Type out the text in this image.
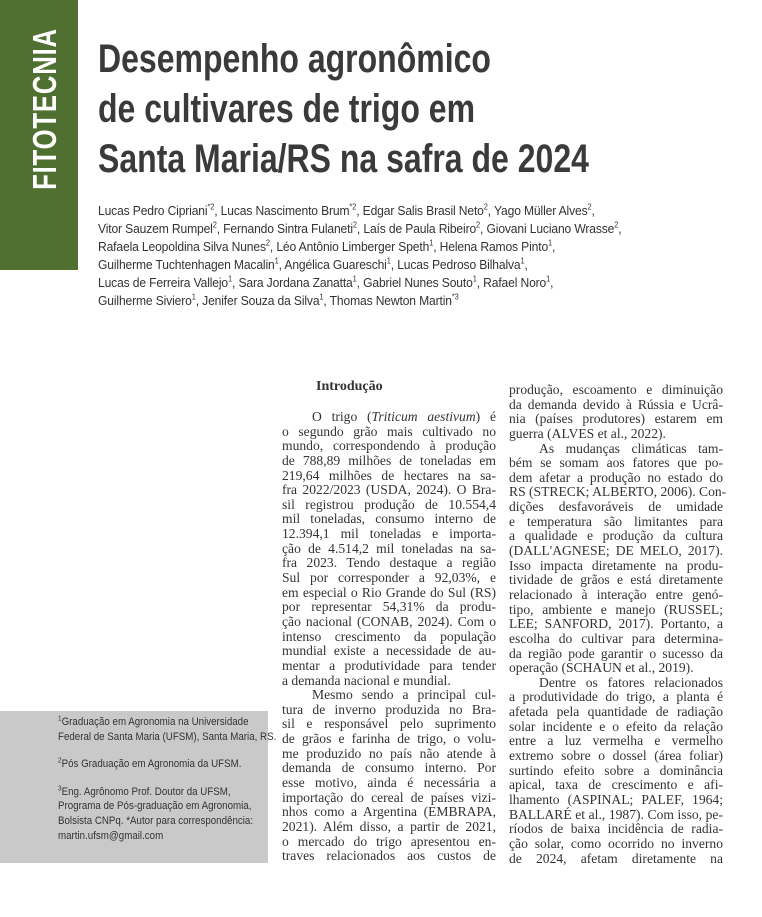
FITOTECNIA Desempenho agronômico
de cultivares de trigo em
Santa Maria/RS na safra de 2024
Lucas Pedro Cipriani$^{*2}$, Lucas Nascimento Brum$^{*2}$, Edgar Salis Brasil Neto$^2$, Yago Müller Alves$^2$,
Vitor Sauzem Rumpel$^2$, Fernando Sintra Fulaneti$^2$, Laís de Paula Ribeiro$^2$, Giovani Luciano Wrasse$^2$,
Rafaela Leopoldina Silva Nunes$^2$, Léo Antônio Limberger Speth$^1$, Helena Ramos Pinto$^1$,
Guilherme Tuchtenhagen Macalin$^1$, Angélica Guareschi$^1$, Lucas Pedroso Bilhalva$^1$,
Lucas de Ferreira Vallejo$^1$, Sara Jordana Zanatta$^1$, Gabriel Nunes Souto$^1$, Rafael Noro$^1$,
Guilherme Siviero$^1$, Jenifer Souza da Silva$^1$, Thomas Newton Martin$^{*3}$
$^1$Graduação em Agronomia na Universidade
Federal de Santa Maria (UFSM), Santa Maria, RS.
$^2$Pós Graduação em Agronomia da UFSM.
$^3$Eng. Agrônomo Prof. Doutor da UFSM,
Programa de Pós-graduação em Agronomia,
Bolsista CNPq. *Autor para correspondência:
martin.ufsm@gmail.com
Introdução
O trigo (Triticum aestivum) é
o segundo grão mais cultivado no
mundo, correspondendo à produção
de 788,89 milhões de toneladas em
219,64 milhões de hectares na sa-
fra 2022/2023 (USDA, 2024). O Bra-
sil registrou produção de 10.554,4
mil toneladas, consumo interno de
12.394,1 mil toneladas e importa-
ção de 4.514,2 mil toneladas na sa-
fra 2023. Tendo destaque a região
Sul por corresponder a 92,03%, e
em especial o Rio Grande do Sul (RS)
por representar 54,31% da produ-
ção nacional (CONAB, 2024). Com o
intenso crescimento da população
mundial existe a necessidade de au-
mentar a produtividade para tender
a demanda nacional e mundial.
Mesmo sendo a principal cul-
tura de inverno produzida no Bra-
sil e responsável pelo suprimento
de grãos e farinha de trigo, o volu-
me produzido no país não atende à
demanda de consumo interno. Por
esse motivo, ainda é necessária a
importação do cereal de países vizi-
nhos como a Argentina (EMBRAPA,
2021). Além disso, a partir de 2021,
o mercado do trigo apresentou en-
traves relacionados aos custos de
produção, escoamento e diminuição
da demanda devido à Rússia e Ucrâ-
nia (países produtores) estarem em
guerra (ALVES et al., 2022).
As mudanças climáticas tam-
bém se somam aos fatores que po-
dem afetar a produção no estado do
RS (STRECK; ALBERTO, 2006). Con-
dições desfavoráveis de umidade
e temperatura são limitantes para
a qualidade e produção da cultura
(DALL'AGNESE; DE MELO, 2017).
Isso impacta diretamente na produ-
tividade de grãos e está diretamente
relacionado à interação entre genó-
tipo, ambiente e manejo (RUSSEL;
LEE; SANFORD, 2017). Portanto, a
escolha do cultivar para determina-
da região pode garantir o sucesso da
operação (SCHAUN et al., 2019).
Dentre os fatores relacionados
a produtividade do trigo, a planta é
afetada pela quantidade de radiação
solar incidente e o efeito da relação
entre a luz vermelha e vermelho
extremo sobre o dossel (área foliar)
surtindo efeito sobre a dominância
apical, taxa de crescimento e afi-
lhamento (ASPINAL; PALEF, 1964;
BALLARÉ et al., 1987). Com isso, pe-
ríodos de baixa incidência de radia-
ção solar, como ocorrido no inverno
de 2024, afetam diretamente na
